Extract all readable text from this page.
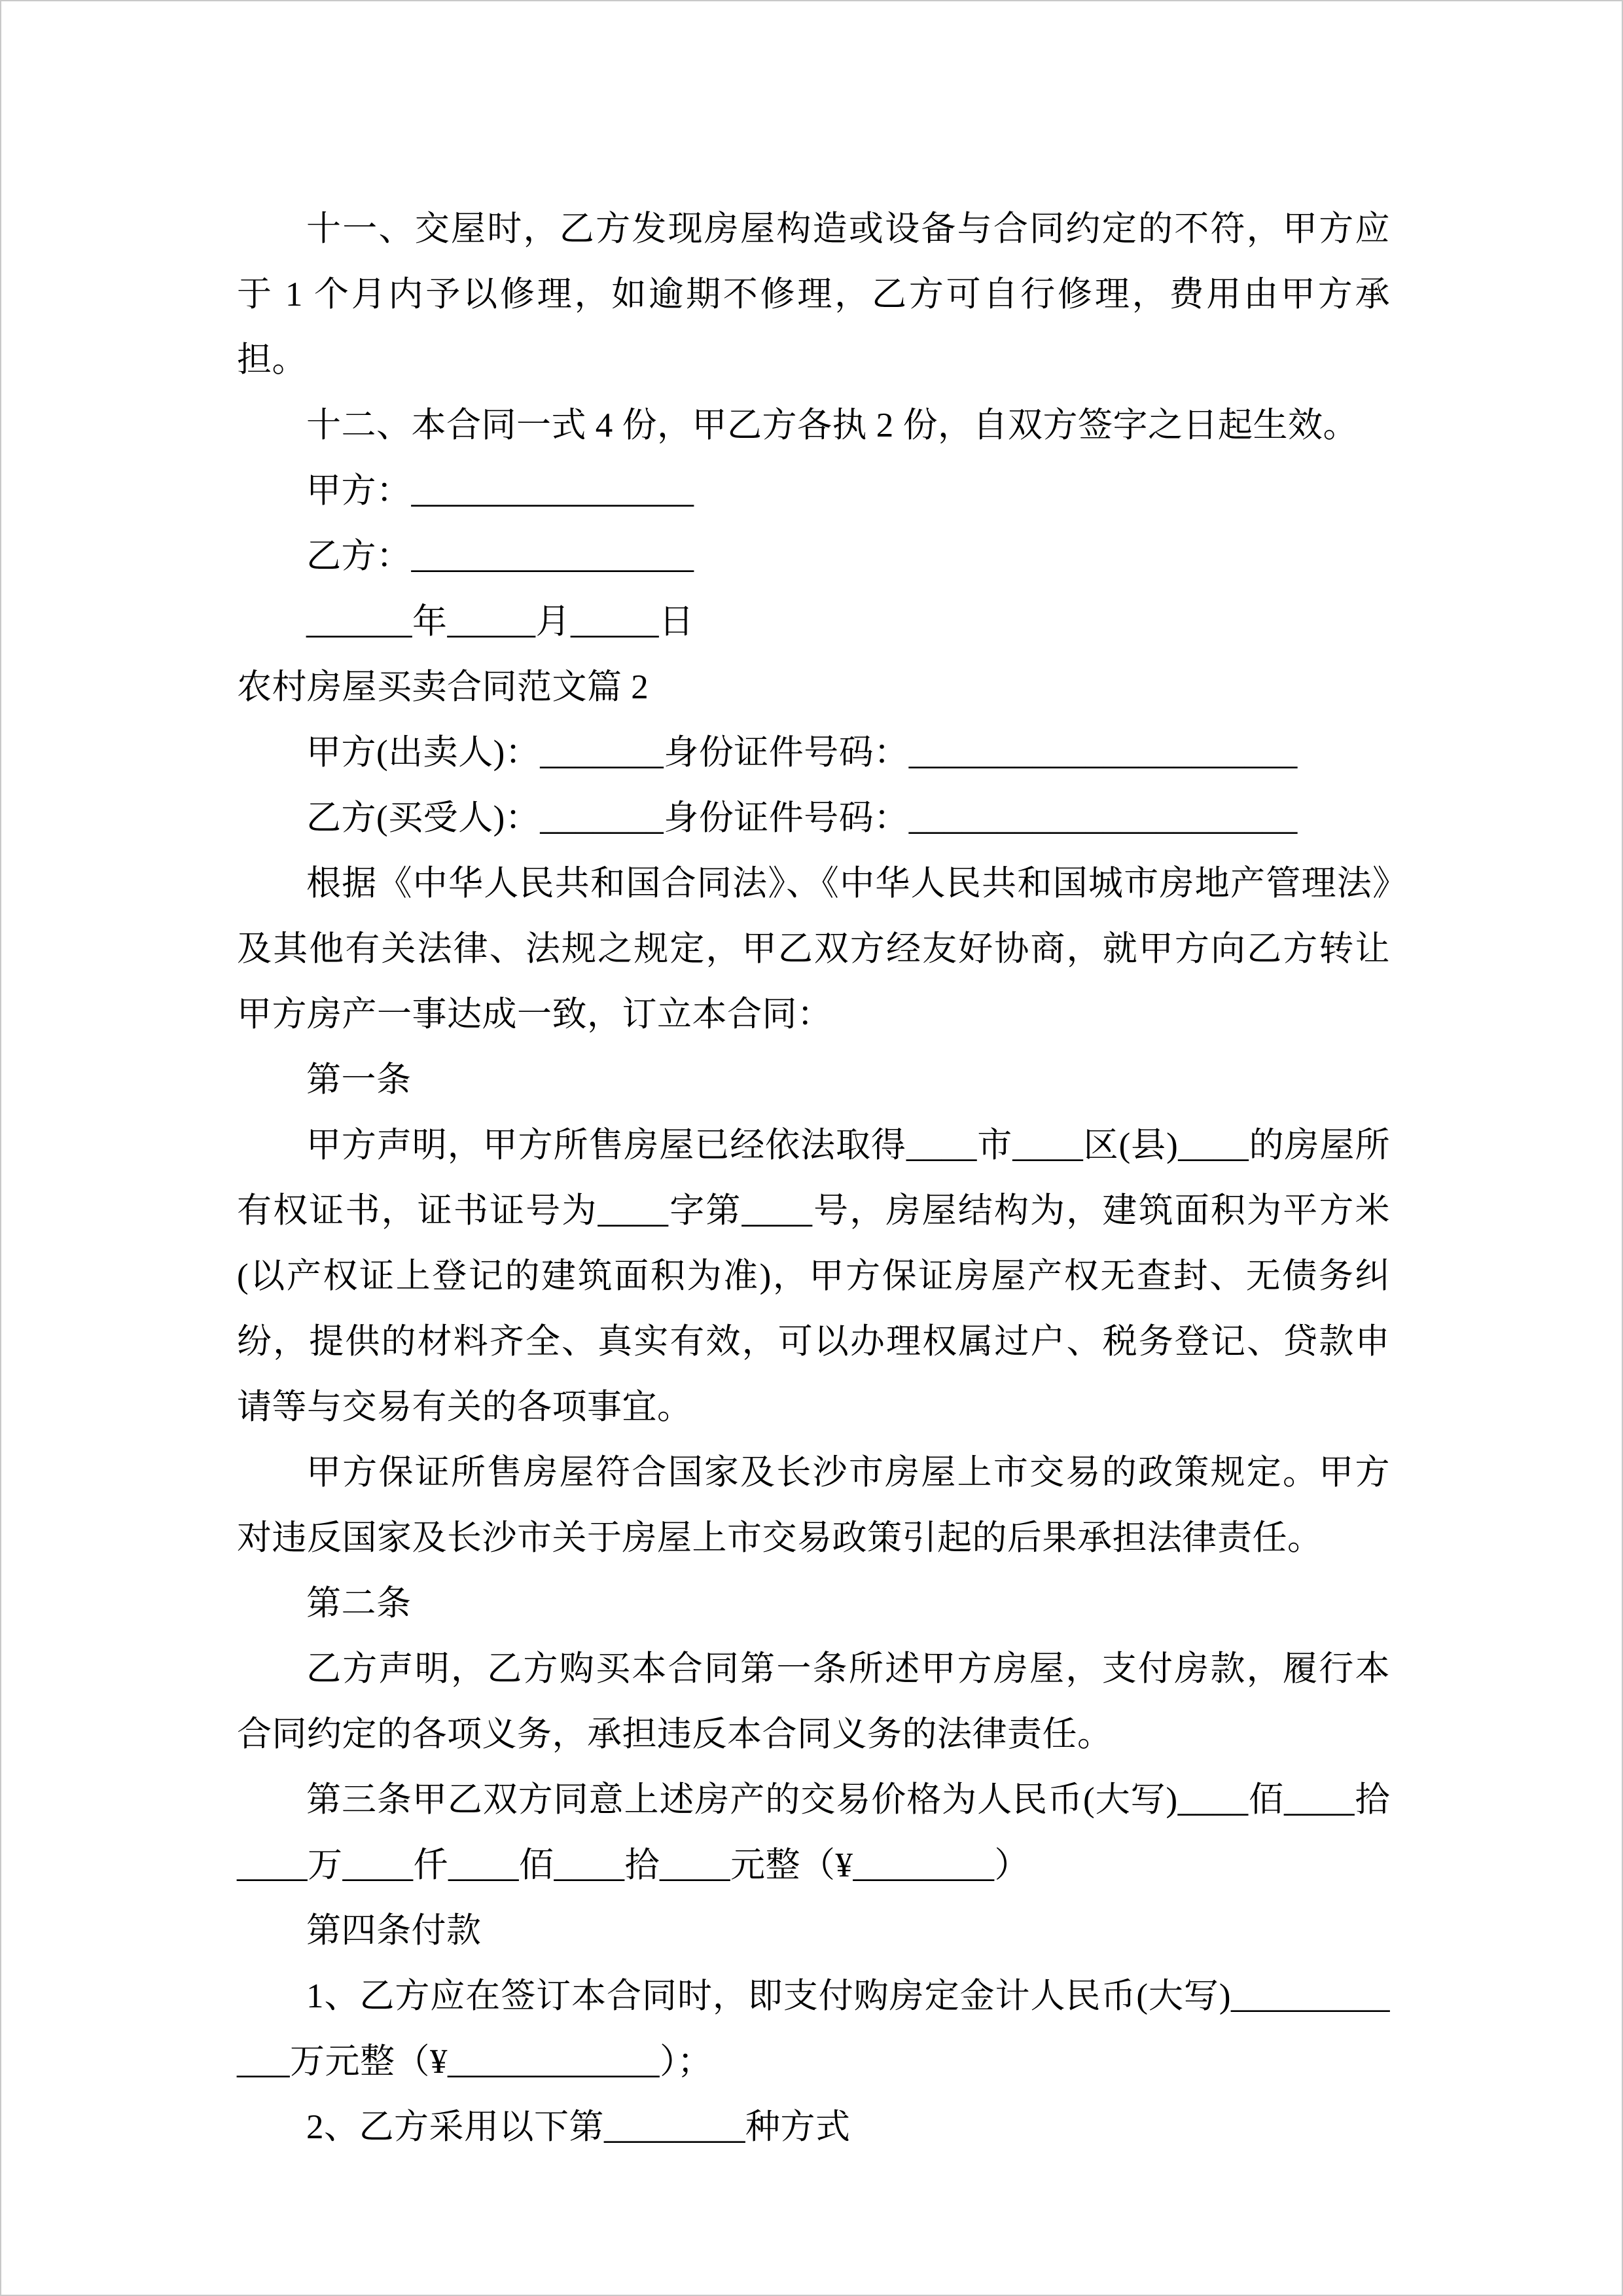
十一、交屋时，乙方发现房屋构造或设备与合同约定的不符，甲方应于 1 个月内予以修理，如逾期不修理，乙方可自行修理，费用由甲方承担。

十二、本合同一式 4 份，甲乙方各执 2 份，自双方签字之日起生效。

甲方：________________

乙方：________________

______年_____月_____日

农村房屋买卖合同范文篇 2

甲方(出卖人)：_______身份证件号码：______________________

乙方(买受人)：_______身份证件号码：______________________

根据《中华人民共和国合同法》、《中华人民共和国城市房地产管理法》及其他有关法律、法规之规定，甲乙双方经友好协商，就甲方向乙方转让甲方房产一事达成一致，订立本合同：

第一条

甲方声明，甲方所售房屋已经依法取得____市____区(县)____的房屋所有权证书，证书证号为____字第____号，房屋结构为，建筑面积为平方米(以产权证上登记的建筑面积为准)，甲方保证房屋产权无查封、无债务纠纷，提供的材料齐全、真实有效，可以办理权属过户、税务登记、贷款申请等与交易有关的各项事宜。

甲方保证所售房屋符合国家及长沙市房屋上市交易的政策规定。甲方对违反国家及长沙市关于房屋上市交易政策引起的后果承担法律责任。

第二条

乙方声明，乙方购买本合同第一条所述甲方房屋，支付房款，履行本合同约定的各项义务，承担违反本合同义务的法律责任。

第三条甲乙双方同意上述房产的交易价格为人民币(大写)____佰____拾____万____仟____佰____拾____元整（¥________）

第四条付款

1、乙方应在签订本合同时，即支付购房定金计人民币(大写)____________万元整（¥____________）；

2、乙方采用以下第________种方式
